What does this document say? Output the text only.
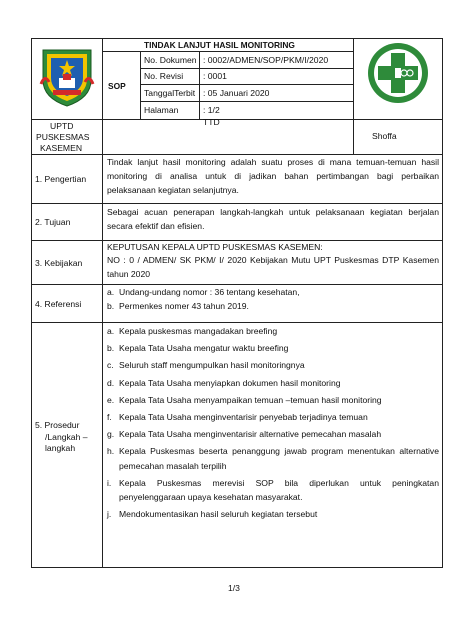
TINDAK LANJUT HASIL MONITORING
SOP
No. Dokumen : 0002/ADMEN/SOP/PKM/I/2020
No. Revisi : 0001
TanggalTerbit : 05 Januari 2020
Halaman	: 1/2
UPTD
PUSKESMAS
KASEMEN
TTD
Shoffa
1. Pengertian
2. Tujuan
3. Kebijakan
4. Referensi
5. Prosedur
/Langkah –
langkah
Tindak lanjut hasil monitoring adalah suatu proses di mana temuan-temuan hasil monitoring di analisa untuk di jadikan bahan pertimbangan bagi perbaikan pelaksanaan kegiatan selanjutnya.
Sebagai acuan penerapan langkah-langkah untuk pelaksanaan kegiatan berjalan secara efektif dan efisien.
KEPUTUSAN KEPALA UPTD PUSKESMAS KASEMEN:
NO : 0 / ADMEN/ SK PKM/ I/ 2020 Kebijakan Mutu UPT Puskesmas DTP Kasemen tahun 2020
a. Undang-undang nomor : 36 tentang kesehatan,
b. Permenkes nomer 43 tahun 2019.
a. Kepala puskesmas mangadakan breefing
b. Kepala Tata Usaha mengatur waktu breefing
c. Seluruh staff mengumpulkan hasil monitoringnya
d. Kepala Tata Usaha menyiapkan dokumen hasil monitoring
e. Kepala Tata Usaha menyampaikan temuan –temuan hasil monitoring
f. Kepala Tata Usaha menginventarisir penyebab terjadinya temuan
g. Kepala Tata Usaha menginventarisir alternative pemecahan masalah
h. Kepala Puskesmas beserta penanggung jawab program menentukan alternative pemecahan masalah terpilih
i. Kepala Puskesmas merevisi SOP bila diperlukan untuk peningkatan penyelenggaraan upaya kesehatan masyarakat.
j. Mendokumentasikan hasil seluruh kegiatan tersebut
1/3
